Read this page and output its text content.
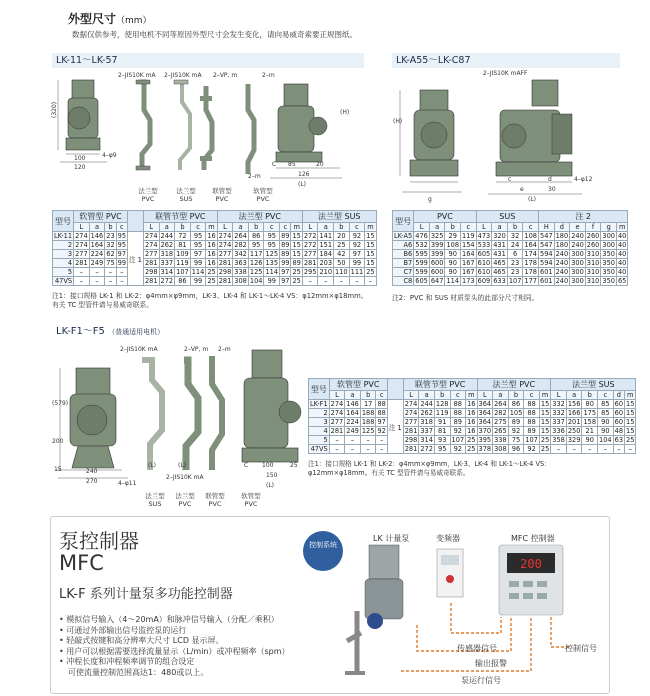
外型尺寸（mm）
数据仅供参考，使用电机不同等原因外型尺寸会发生变化，请向易威奇索要正规图纸。
LK-11～LK-57
(320)
100
120
4–φ9
85	20
C
126
(L)
(H)
2–m
2–JIS10K mA 2–JIS10K mA 2–VP, m	2–m
法兰型 PVC
法兰型 SUS
联管型 PVC
软管型 PVC
型号	软管型 PVC					联管节型 PVC					法兰型 PVC						法兰型 SUS				
	L	a	b	c		L	a	b	c	m	L	a	b	c	c	m	L	a	b	c	m
LK-11	274	146	23	95	注 1	274	244	72	95	16	274	264	86	95	89	15	272	141	20	92	15
2	274	164	32	95		274	262	81	95	16	274	282	95	95	89	15	272	151	25	92	15
3	277	224	62	97		277	318	109	97	16	277	342	117	125	89	15	277	184	42	97	15
4	281	249	75	99		281	337	119	99	16	281	363	126	135	99	89	281	203	50	99	15
5	–	–	–	–		298	314	107	114	25	298	338	125	114	97	25	295	210	110	111	25
47VS	–	–	–	–		281	272	86	99	25	281	308	104	99	97	25	–	–	–	–	–
注1：接口规格 LK-1 和 LK-2：φ4mm×φ9mm，LK-3、LK-4 和 LK-1～LK-4 VS：φ12mm×φ18mm。有关 TC 型管件请与易威奇联系。
LK-A55～LK-C87
2–JIS10K mAFF
(H)
g
d
e	30
4–φ12
c
(L)
型号	PVC				SUS				注 2					
	L	a	b	c	L	a	b	c	H	d	e	f	g	m
LK-A5	476	325	29	119	473	320	32	108	547	180	240	260	300	40
A6	532	399	108	154	533	431	24	164	547	180	240	260	300	40
B6	595	399	90	164	605	431	6	174	594	240	300	310	350	40
B7	599	600	90	167	610	465	23	178	594	240	300	310	350	40
C7	599	600	90	167	610	465	23	178	601	240	300	310	350	40
C8	605	647	114	173	609	633	107	177	601	240	300	310	350	65
注2：PVC 和 SUS 材质泵头的此部分尺寸相同。
LK-F1～F5 （普通适用电机）
(579)
200
15	240
270	4–φ11
(L)	(L)
2–JIS10K mA
C 100	25
150
(L)
2–JIS10K mA	2–VP, m 2–m
法兰型 SUS
法兰型 PVC
联管型 PVC
软管型 PVC
型号	软管型 PVC					联管节型 PVC					法兰型 PVC					法兰型 SUS					
	L	a	b	c		L	a	b	c	m	L	a	b	c	m	L	a	b	c	d	m
LK-F1	274	146	17	88	注 1	274	244	128	88	16	364	264	86	88	15	332	156	80	85	60	15
2	274	164	188	88		274	262	119	88	16	364	282	105	88	15	332	166	175	85	60	15
3	277	224	188	97		277	318	91	89	16	364	275	89	88	15	337	201	158	90	60	15
4	281	249	125	92		281	337	81	92	16	370	265	92	89	15	336	250	21	90	48	15
5	–	–	–	–		298	314	93	107	25	395	338	75	107	25	358	329	90	104	63	25
47VS	–	–	–	–		281	272	95	92	25	378	308	96	92	25	–	–	–	–	–	–
注1：接口规格 LK-1 和 LK-2：φ4mm×φ9mm，LK-3、LK-4 和 LK-1～LK-4 VS：φ12mm×φ18mm。有关 TC 型管件请与易威奇联系。
泵控制器
MFC
LK-F 系列计量泵多功能控制器
• 模拟信号输入（4～20mA）和脉冲信号输入（分配／乘积）
• 可通过外部输出信号监控泵的运行
• 轻敲式按键和高分辨率大尺寸 LCD 显示屏。
• 用户可以根据需要选择流量显示（L/min）或冲程频率（spm）
• 冲程长度和冲程频率调节的组合设定
可使流量控制范围高达1：480或以上。
200
控制系统
LK 计量泵	变频器	MFC 控制器
传感器信号
输出报警
泵运行信号
控制信号
